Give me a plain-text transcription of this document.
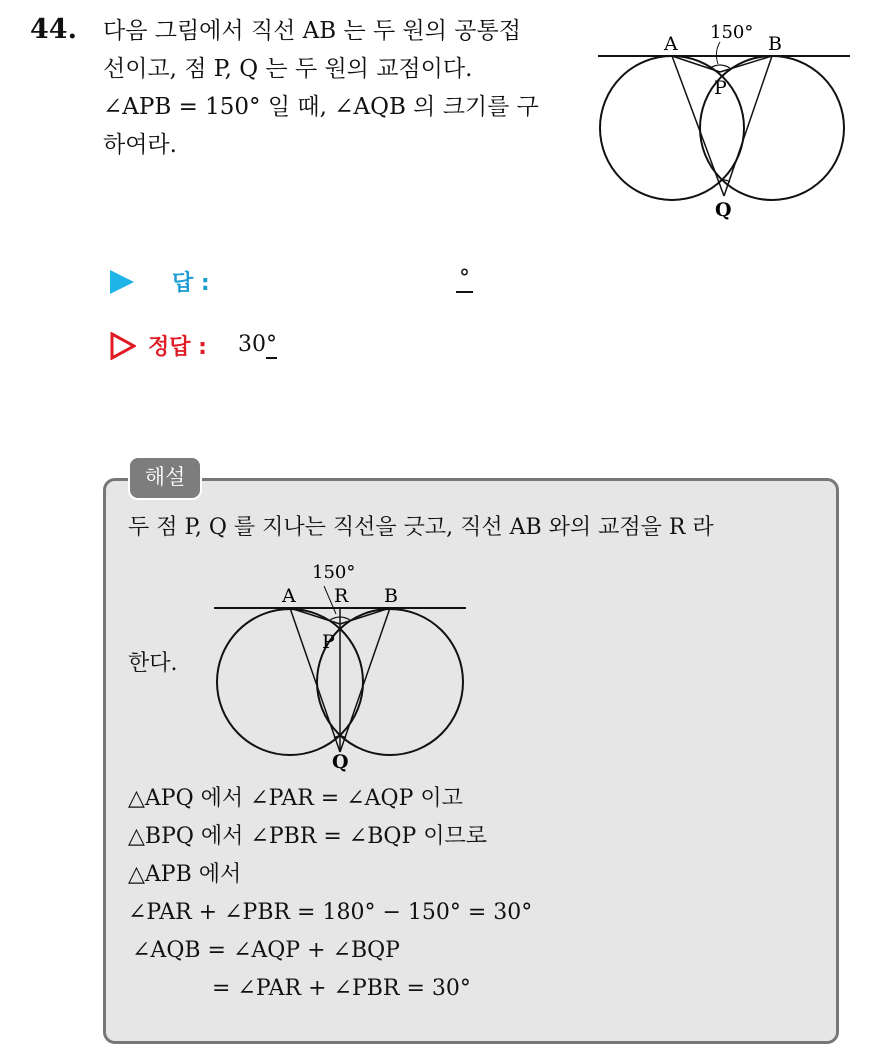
44. 다음 그림에서 직선 AB 는 두 원의 공통접
선이고, 점 P, Q 는 두 원의 교점이다.
∠APB = 150° 일 때, ∠AQB 의 크기를 구
하여라.
A
150°
B
P
Q
답 :	°
정답 : 30°
해설
두 점 P, Q 를 지나는 직선을 긋고, 직선 AB 와의 교점을 R 라
한다.
150°
A R B
P
Q
△APQ 에서 ∠PAR = ∠AQP 이고
△BPQ 에서 ∠PBR = ∠BQP 이므로
△APB 에서
∠PAR + ∠PBR = 180° − 150° = 30°
∠AQB = ∠AQP + ∠BQP
= ∠PAR + ∠PBR = 30°
